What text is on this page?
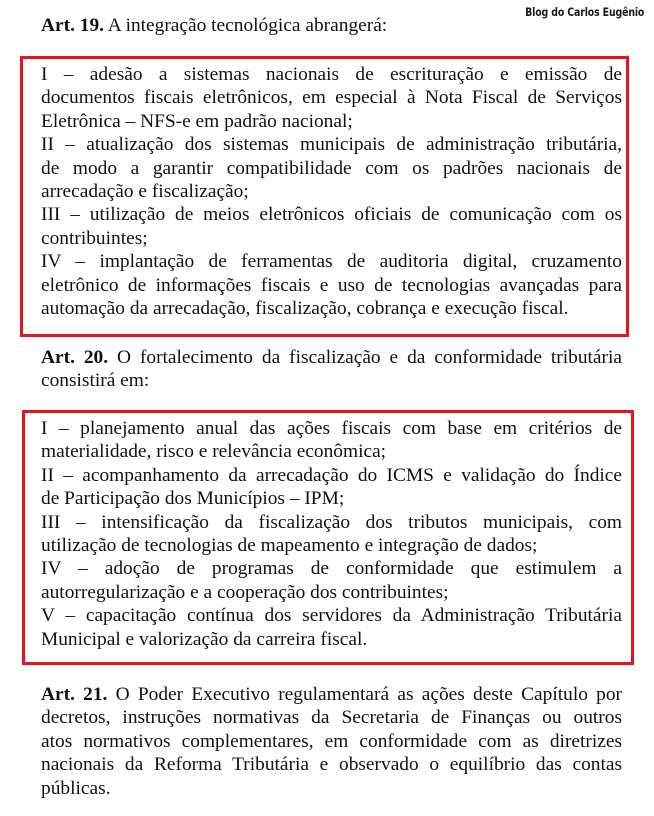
Blog do Carlos Eugênio
Art. 19. A integração tecnológica abrangerá:
I – adesão a sistemas nacionais de escrituração e emissão de
documentos fiscais eletrônicos, em especial à Nota Fiscal de Serviços
Eletrônica – NFS-e em padrão nacional;
II – atualização dos sistemas municipais de administração tributária,
de modo a garantir compatibilidade com os padrões nacionais de
arrecadação e fiscalização;
III – utilização de meios eletrônicos oficiais de comunicação com os
contribuintes;
IV – implantação de ferramentas de auditoria digital, cruzamento
eletrônico de informações fiscais e uso de tecnologias avançadas para
automação da arrecadação, fiscalização, cobrança e execução fiscal.
Art. 20. O fortalecimento da fiscalização e da conformidade tributária
consistirá em:
I – planejamento anual das ações fiscais com base em critérios de
materialidade, risco e relevância econômica;
II – acompanhamento da arrecadação do ICMS e validação do Índice
de Participação dos Municípios – IPM;
III – intensificação da fiscalização dos tributos municipais, com
utilização de tecnologias de mapeamento e integração de dados;
IV – adoção de programas de conformidade que estimulem a
autorregularização e a cooperação dos contribuintes;
V – capacitação contínua dos servidores da Administração Tributária
Municipal e valorização da carreira fiscal.
Art. 21. O Poder Executivo regulamentará as ações deste Capítulo por
decretos, instruções normativas da Secretaria de Finanças ou outros
atos normativos complementares, em conformidade com as diretrizes
nacionais da Reforma Tributária e observado o equilíbrio das contas
públicas.
